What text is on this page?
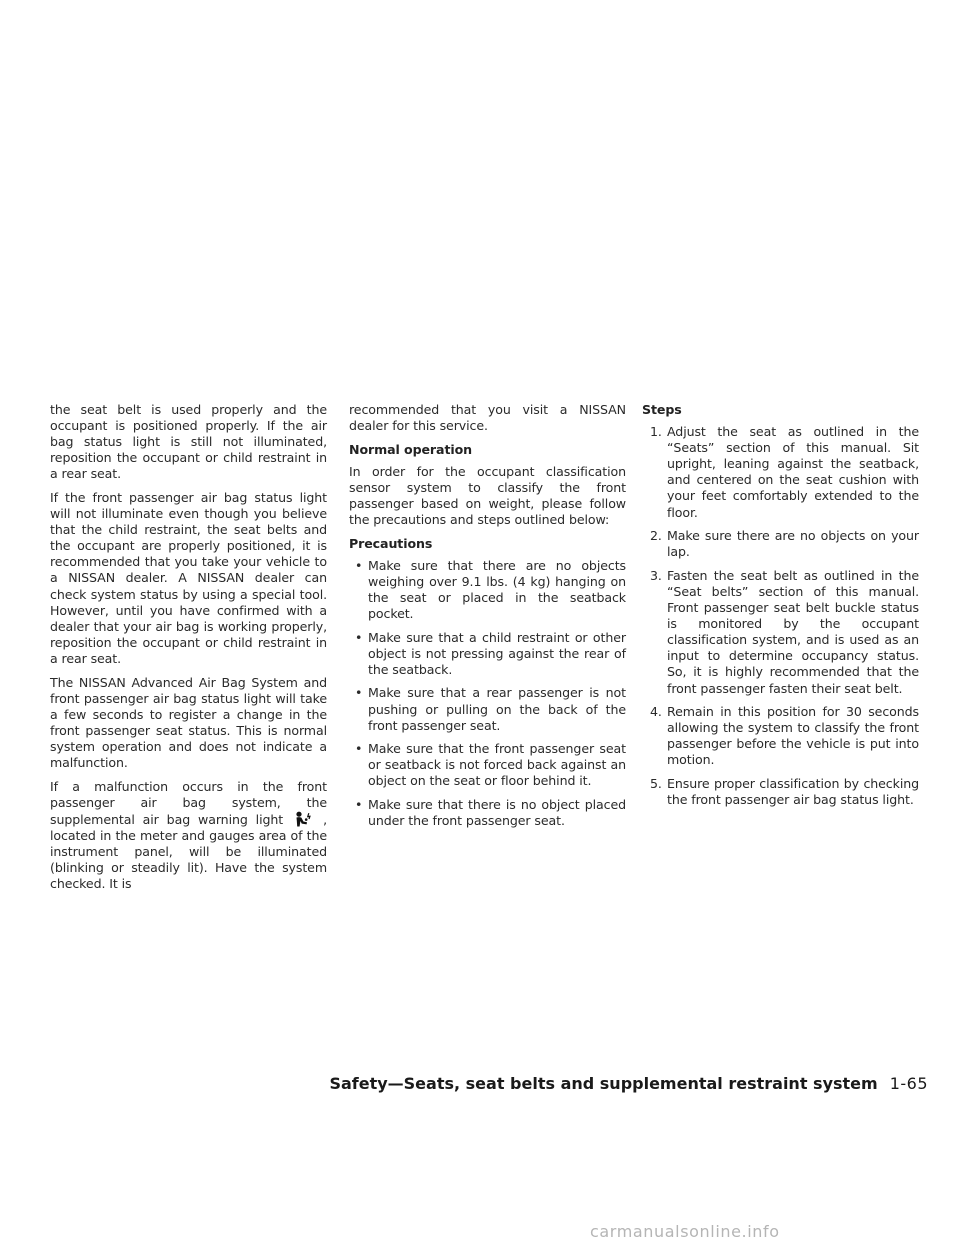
the seat belt is used properly and the occupant is positioned properly. If the air bag status light is still not illuminated, reposition the occupant or child restraint in a rear seat.

If the front passenger air bag status light will not illuminate even though you believe that the child restraint, the seat belts and the occupant are properly positioned, it is recommended that you take your vehicle to a NISSAN dealer. A NISSAN dealer can check system status by using a special tool. However, until you have confirmed with a dealer that your air bag is working properly, reposition the occupant or child restraint in a rear seat.

The NISSAN Advanced Air Bag System and front passenger air bag status light will take a few seconds to register a change in the front passenger seat status. This is normal system operation and does not indicate a malfunction.

If a malfunction occurs in the front passenger air bag system, the supplemental air bag warning light	, located in the meter and gauges area of the instrument panel, will be illuminated (blinking or steadily lit). Have the system checked. It is

recommended that you visit a NISSAN dealer for this service.

Normal operation

In order for the occupant classification sensor system to classify the front passenger based on weight, please follow the precautions and steps outlined below:

Precautions
• Make sure that there are no objects weighing over 9.1 lbs. (4 kg) hanging on the seat or placed in the seatback pocket.
• Make sure that a child restraint or other object is not pressing against the rear of the seatback.
• Make sure that a rear passenger is not pushing or pulling on the back of the front passenger seat.
• Make sure that the front passenger seat or seatback is not forced back against an object on the seat or floor behind it.
• Make sure that there is no object placed under the front passenger seat.
Steps
1. Adjust the seat as outlined in the “Seats” section of this manual. Sit upright, leaning against the seatback, and centered on the seat cushion with your feet comfortably extended to the floor.
2. Make sure there are no objects on your lap.
3. Fasten the seat belt as outlined in the “Seat belts” section of this manual. Front passenger seat belt buckle status is monitored by the occupant classification system, and is used as an input to determine occupancy status. So, it is highly recommended that the front passenger fasten their seat belt.
4. Remain in this position for 30 seconds allowing the system to classify the front passenger before the vehicle is put into motion.
5. Ensure proper classification by checking the front passenger air bag status light.
Safety—Seats, seat belts and supplemental restraint system 1-65
carmanualsonline.info
